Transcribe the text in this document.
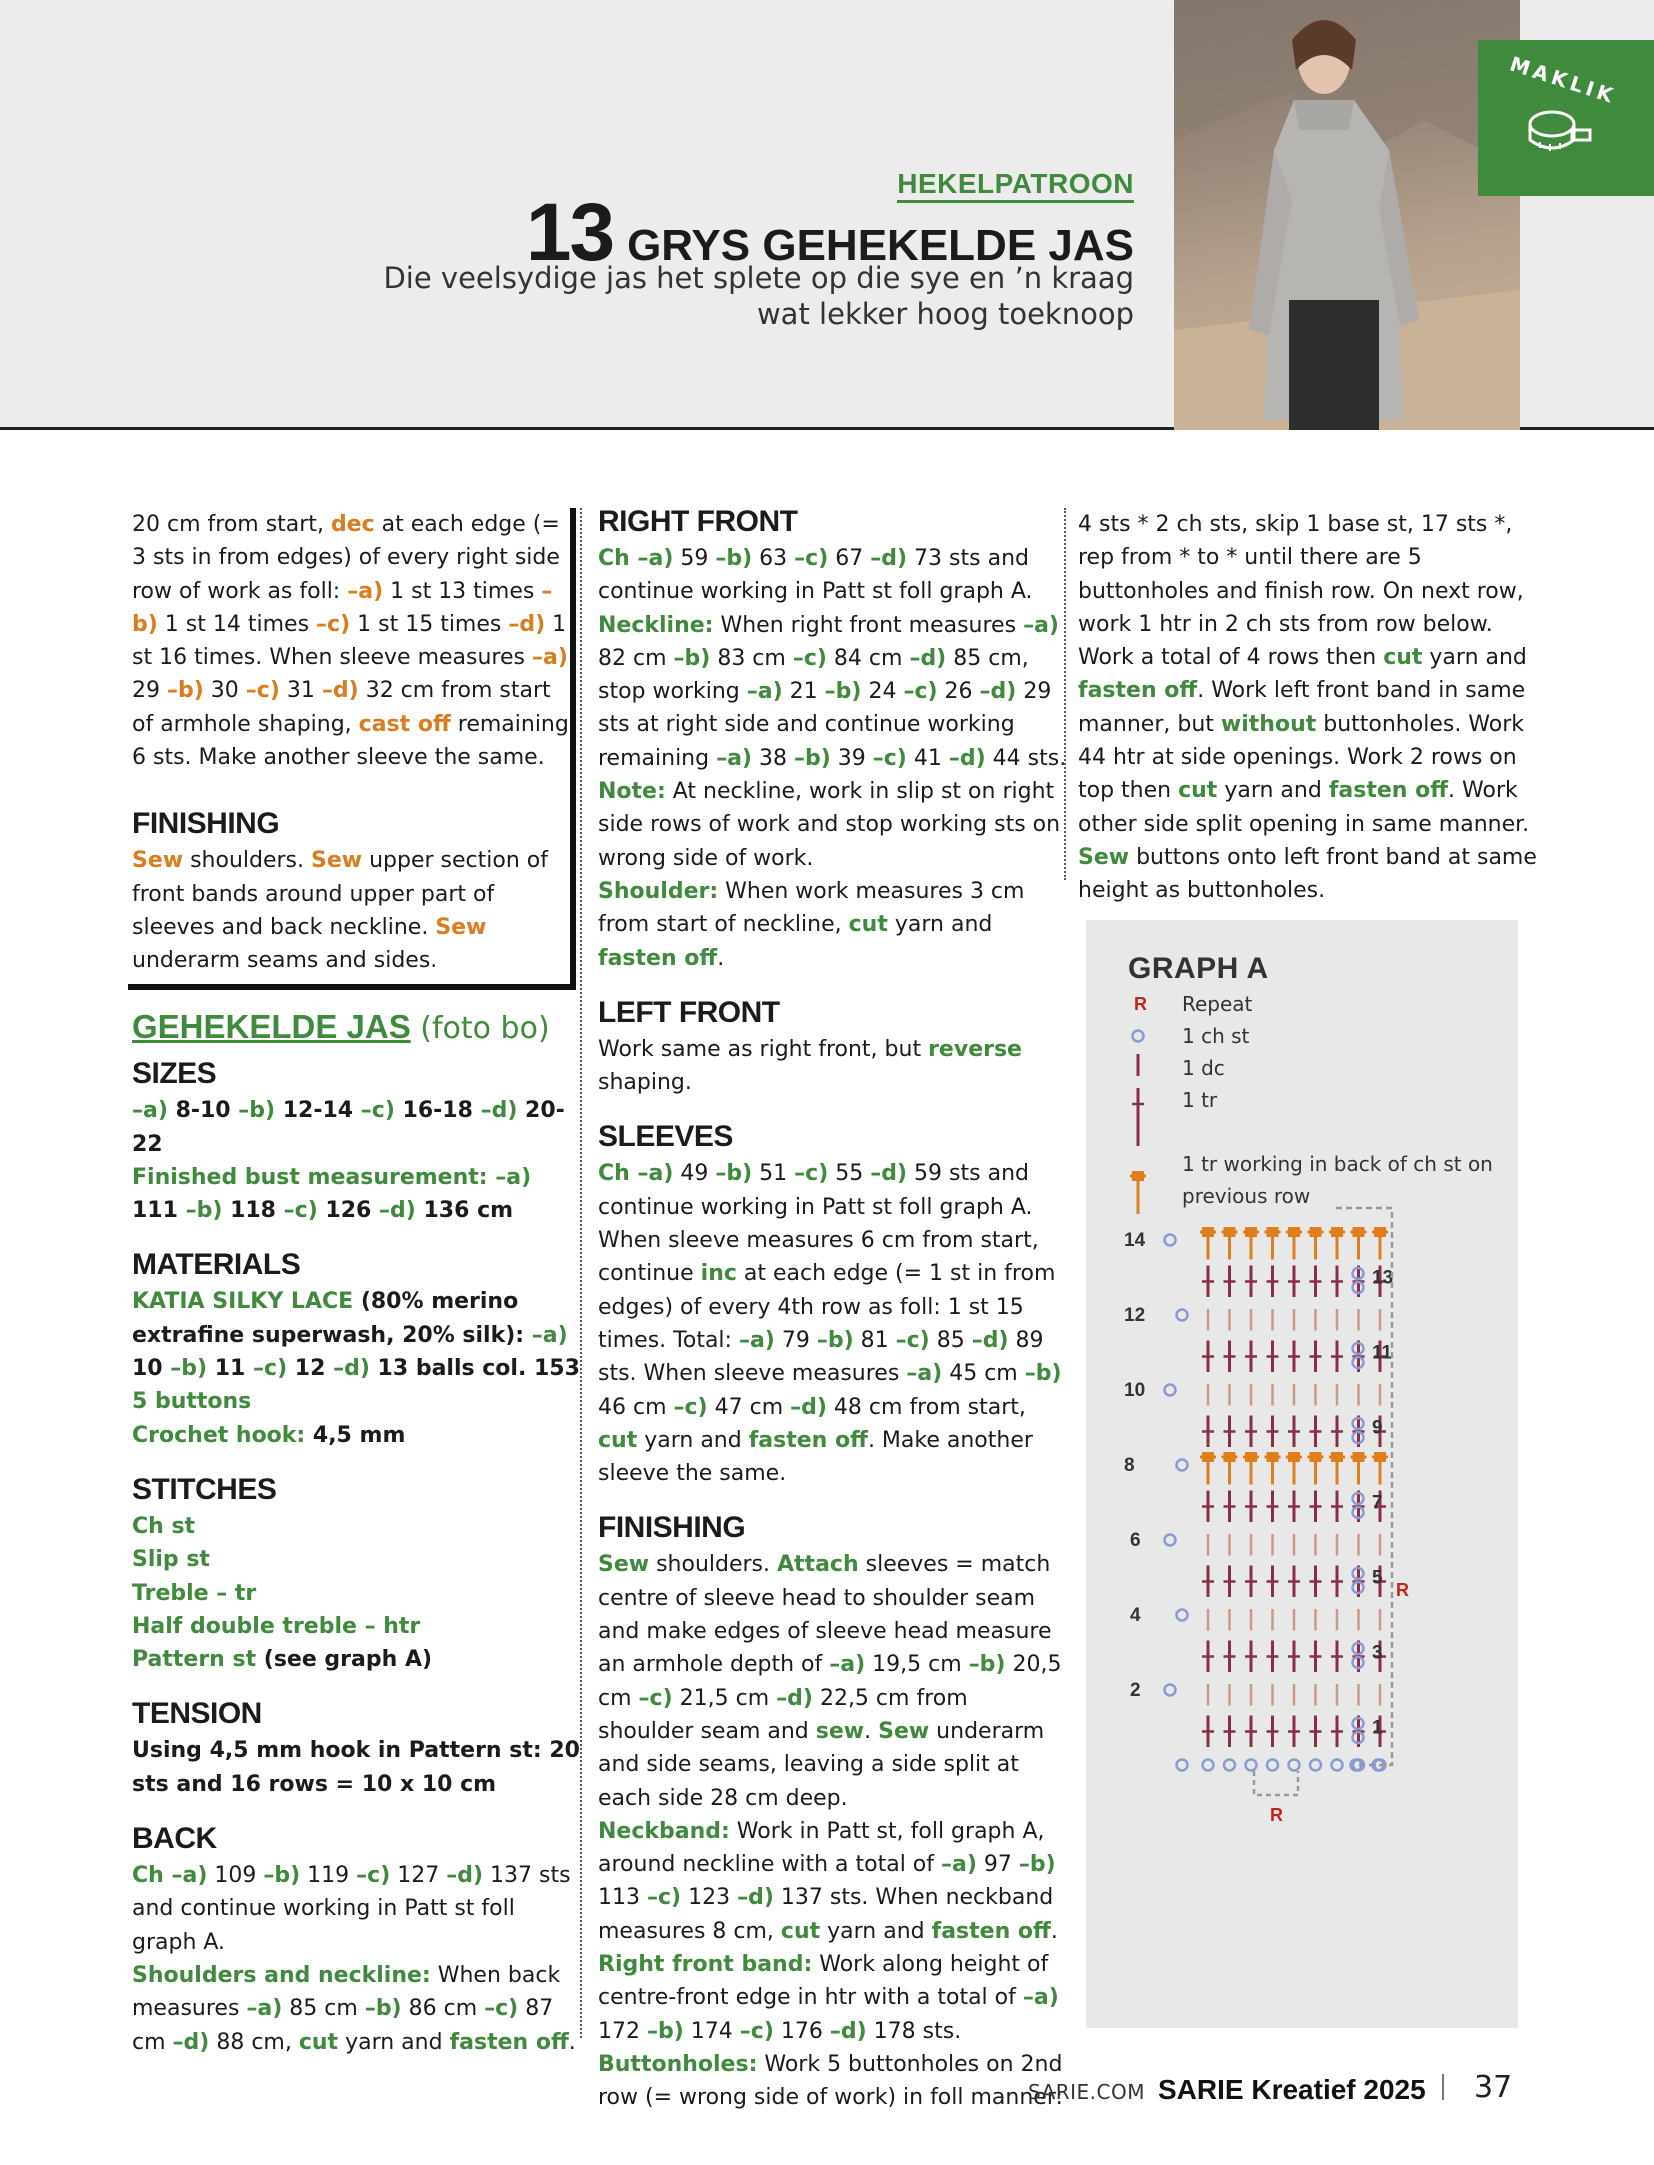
HEKELPATROON
13 GRYS GEHEKELDE JAS
Die veelsydige jas het splete op die sye en ’n kraag wat lekker hoog toeknoop
MAKLIK

20 cm from start, dec at each edge (= 3 sts in from edges) of every right side row of work as foll: –a) 1 st 13 times –b) 1 st 14 times –c) 1 st 15 times –d) 1 st 16 times. When sleeve measures –a) 29 –b) 30 –c) 31 –d) 32 cm from start of armhole shaping, cast off remaining 6 sts. Make another sleeve the same.

FINISHING

Sew shoulders. Sew upper section of front bands around upper part of sleeves and back neckline. Sew underarm seams and sides.

GEHEKELDE JAS (foto bo)
SIZES

–a) 8-10 –b) 12-14 –c) 16-18 –d) 20-22

Finished bust measurement: –a) 111 –b) 118 –c) 126 –d) 136 cm

MATERIALS

KATIA SILKY LACE (80% merino extrafine superwash, 20% silk): –a) 10 –b) 11 –c) 12 –d) 13 balls col. 153

5 buttons

Crochet hook: 4,5 mm

STITCHES

Ch st

Slip st

Treble – tr

Half double treble – htr

Pattern st (see graph A)

TENSION

Using 4,5 mm hook in Pattern st: 20 sts and 16 rows = 10 x 10 cm

BACK

Ch –a) 109 –b) 119 –c) 127 –d) 137 sts and continue working in Patt st foll graph A.

Shoulders and neckline: When back measures –a) 85 cm –b) 86 cm –c) 87 cm –d) 88 cm, cut yarn and fasten off.

RIGHT FRONT

Ch –a) 59 –b) 63 –c) 67 –d) 73 sts and continue working in Patt st foll graph A.

Neckline: When right front measures –a) 82 cm –b) 83 cm –c) 84 cm –d) 85 cm, stop working –a) 21 –b) 24 –c) 26 –d) 29 sts at right side and continue working remaining –a) 38 –b) 39 –c) 41 –d) 44 sts.

Note: At neckline, work in slip st on right side rows of work and stop working sts on wrong side of work.

Shoulder: When work measures 3 cm from start of neckline, cut yarn and fasten off.

LEFT FRONT

Work same as right front, but reverse shaping.

SLEEVES

Ch –a) 49 –b) 51 –c) 55 –d) 59 sts and continue working in Patt st foll graph A. When sleeve measures 6 cm from start, continue inc at each edge (= 1 st in from edges) of every 4th row as foll: 1 st 15 times. Total: –a) 79 –b) 81 –c) 85 –d) 89 sts. When sleeve measures –a) 45 cm –b) 46 cm –c) 47 cm –d) 48 cm from start, cut yarn and fasten off. Make another sleeve the same.

FINISHING

Sew shoulders. Attach sleeves = match centre of sleeve head to shoulder seam and make edges of sleeve head measure an armhole depth of –a) 19,5 cm –b) 20,5 cm –c) 21,5 cm –d) 22,5 cm from shoulder seam and sew. Sew underarm and side seams, leaving a side split at each side 28 cm deep.

Neckband: Work in Patt st, foll graph A, around neckline with a total of –a) 97 –b) 113 –c) 123 –d) 137 sts. When neckband measures 8 cm, cut yarn and fasten off.

Right front band: Work along height of centre-front edge in htr with a total of –a) 172 –b) 174 –c) 176 –d) 178 sts.

Buttonholes: Work 5 buttonholes on 2nd row (= wrong side of work) in foll manner:

4 sts * 2 ch sts, skip 1 base st, 17 sts *, rep from * to * until there are 5 buttonholes and finish row. On next row, work 1 htr in 2 ch sts from row below. Work a total of 4 rows then cut yarn and fasten off. Work left front band in same manner, but without buttonholes. Work 44 htr at side openings. Work 2 rows on top then cut yarn and fasten off. Work other side split opening in same manner. Sew buttons onto left front band at same height as buttonholes.

GRAPH A
Repeat
1 ch st
1 dc
1 tr
1 tr working in back of ch st on previous row
R
14
12
10
8
6
4
2
13
11
9
7
5
3
1
R
R
SARIE.COM SARIE Kreatief 2025 37
